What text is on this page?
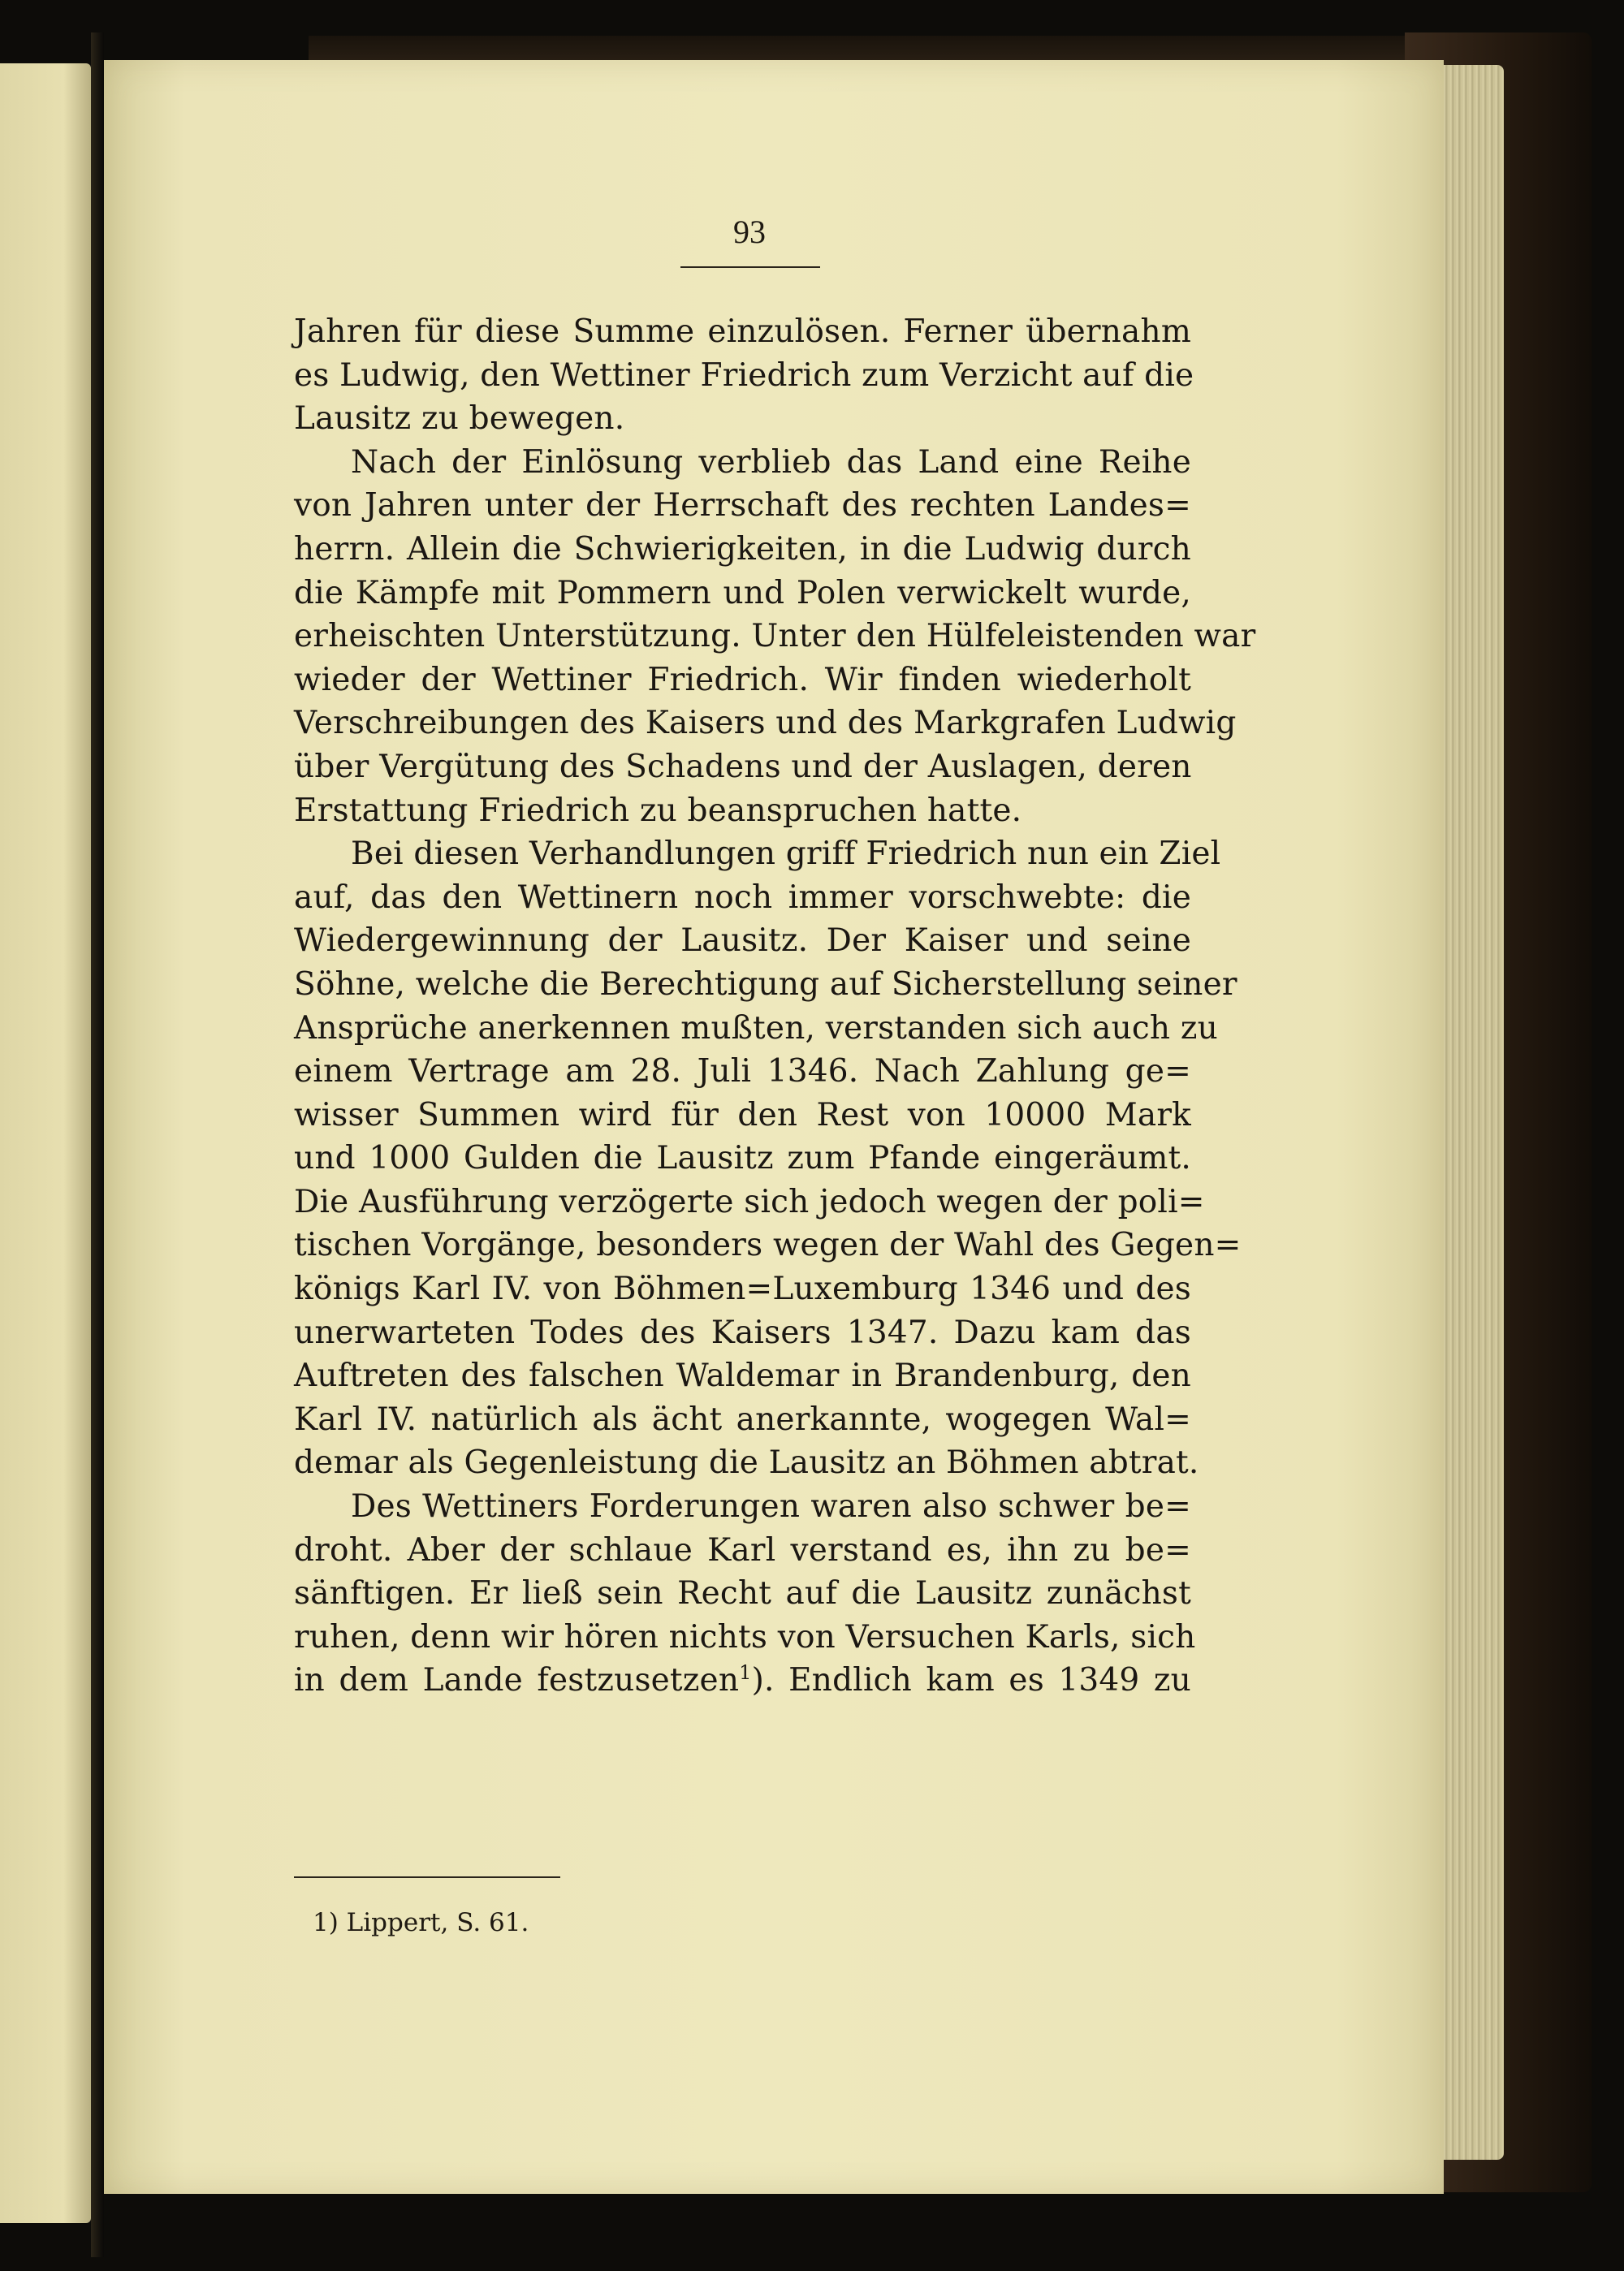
93
Jahren für diese Summe einzulösen. Ferner übernahm
es Ludwig, den Wettiner Friedrich zum Verzicht auf die
Lausitz zu bewegen.
Nach der Einlösung verblieb das Land eine Reihe
von Jahren unter der Herrschaft des rechten Landes=
herrn. Allein die Schwierigkeiten, in die Ludwig durch
die Kämpfe mit Pommern und Polen verwickelt wurde,
erheischten Unterstützung. Unter den Hülfeleistenden war
wieder der Wettiner Friedrich. Wir finden wiederholt
Verschreibungen des Kaisers und des Markgrafen Ludwig
über Vergütung des Schadens und der Auslagen, deren
Erstattung Friedrich zu beanspruchen hatte.
Bei diesen Verhandlungen griff Friedrich nun ein Ziel
auf, das den Wettinern noch immer vorschwebte: die
Wiedergewinnung der Lausitz. Der Kaiser und seine
Söhne, welche die Berechtigung auf Sicherstellung seiner
Ansprüche anerkennen mußten, verstanden sich auch zu
einem Vertrage am 28. Juli 1346. Nach Zahlung ge=
wisser Summen wird für den Rest von 10000 Mark
und 1000 Gulden die Lausitz zum Pfande eingeräumt.
Die Ausführung verzögerte sich jedoch wegen der poli=
tischen Vorgänge, besonders wegen der Wahl des Gegen=
königs Karl IV. von Böhmen=Luxemburg 1346 und des
unerwarteten Todes des Kaisers 1347. Dazu kam das
Auftreten des falschen Waldemar in Brandenburg, den
Karl IV. natürlich als ächt anerkannte, wogegen Wal=
demar als Gegenleistung die Lausitz an Böhmen abtrat.
Des Wettiners Forderungen waren also schwer be=
droht. Aber der schlaue Karl verstand es, ihn zu be=
sänftigen. Er ließ sein Recht auf die Lausitz zunächst
ruhen, denn wir hören nichts von Versuchen Karls, sich
in dem Lande festzusetzen$^1$). Endlich kam es 1349 zu
1) Lippert, S. 61.
